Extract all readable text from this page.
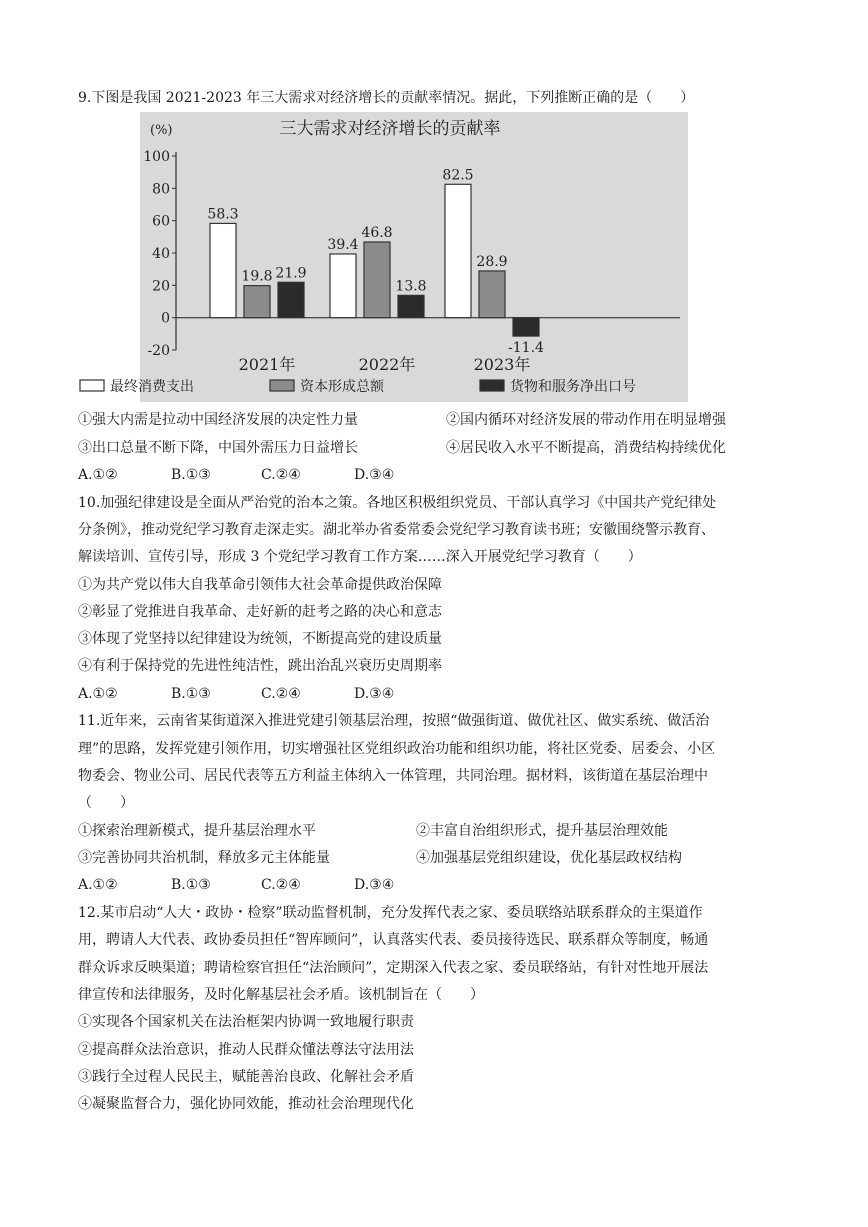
9.下图是我国 2021-2023 年三大需求对经济增长的贡献率情况。据此，下列推断正确的是（　　）
三大需求对经济增长的贡献率
(%)
100
80
60
40
20
0
-20
58.3
19.8 21.9
2021年
39.4
46.8
13.8
2022年
82.5
28.9
-11.4
2023年
最终消费支出	资本形成总额	货物和服务净出口号
①强大内需是拉动中国经济发展的决定性力量	②国内循环对经济发展的带动作用在明显增强
③出口总量不断下降，中国外需压力日益增长	④居民收入水平不断提高，消费结构持续优化
A.①②	B.①③	C.②④	D.③④
10.加强纪律建设是全面从严治党的治本之策。各地区积极组织党员、干部认真学习《中国共产党纪律处
分条例》，推动党纪学习教育走深走实。湖北举办省委常委会党纪学习教育读书班；安徽围绕警示教育、
解读培训、宣传引导，形成 3 个党纪学习教育工作方案……深入开展党纪学习教育（　　）
①为共产党以伟大自我革命引领伟大社会革命提供政治保障
②彰显了党推进自我革命、走好新的赶考之路的决心和意志
③体现了党坚持以纪律建设为统领，不断提高党的建设质量
④有利于保持党的先进性纯洁性，跳出治乱兴衰历史周期率
A.①②	B.①③	C.②④	D.③④
11.近年来，云南省某街道深入推进党建引领基层治理，按照“做强街道、做优社区、做实系统、做活治
理”的思路，发挥党建引领作用，切实增强社区党组织政治功能和组织功能，将社区党委、居委会、小区
物委会、物业公司、居民代表等五方利益主体纳入一体管理，共同治理。据材料，该街道在基层治理中
（　　）
①探索治理新模式，提升基层治理水平	②丰富自治组织形式，提升基层治理效能
③完善协同共治机制，释放多元主体能量	④加强基层党组织建设，优化基层政权结构
A.①②	B.①③	C.②④	D.③④
12.某市启动“人大・政协・检察”联动监督机制，充分发挥代表之家、委员联络站联系群众的主渠道作
用，聘请人大代表、政协委员担任“智库顾问”，认真落实代表、委员接待选民、联系群众等制度，畅通
群众诉求反映渠道；聘请检察官担任“法治顾问”，定期深入代表之家、委员联络站，有针对性地开展法
律宣传和法律服务，及时化解基层社会矛盾。该机制旨在（　　）
①实现各个国家机关在法治框架内协调一致地履行职责
②提高群众法治意识，推动人民群众懂法尊法守法用法
③践行全过程人民民主，赋能善治良政、化解社会矛盾
④凝聚监督合力，强化协同效能，推动社会治理现代化
